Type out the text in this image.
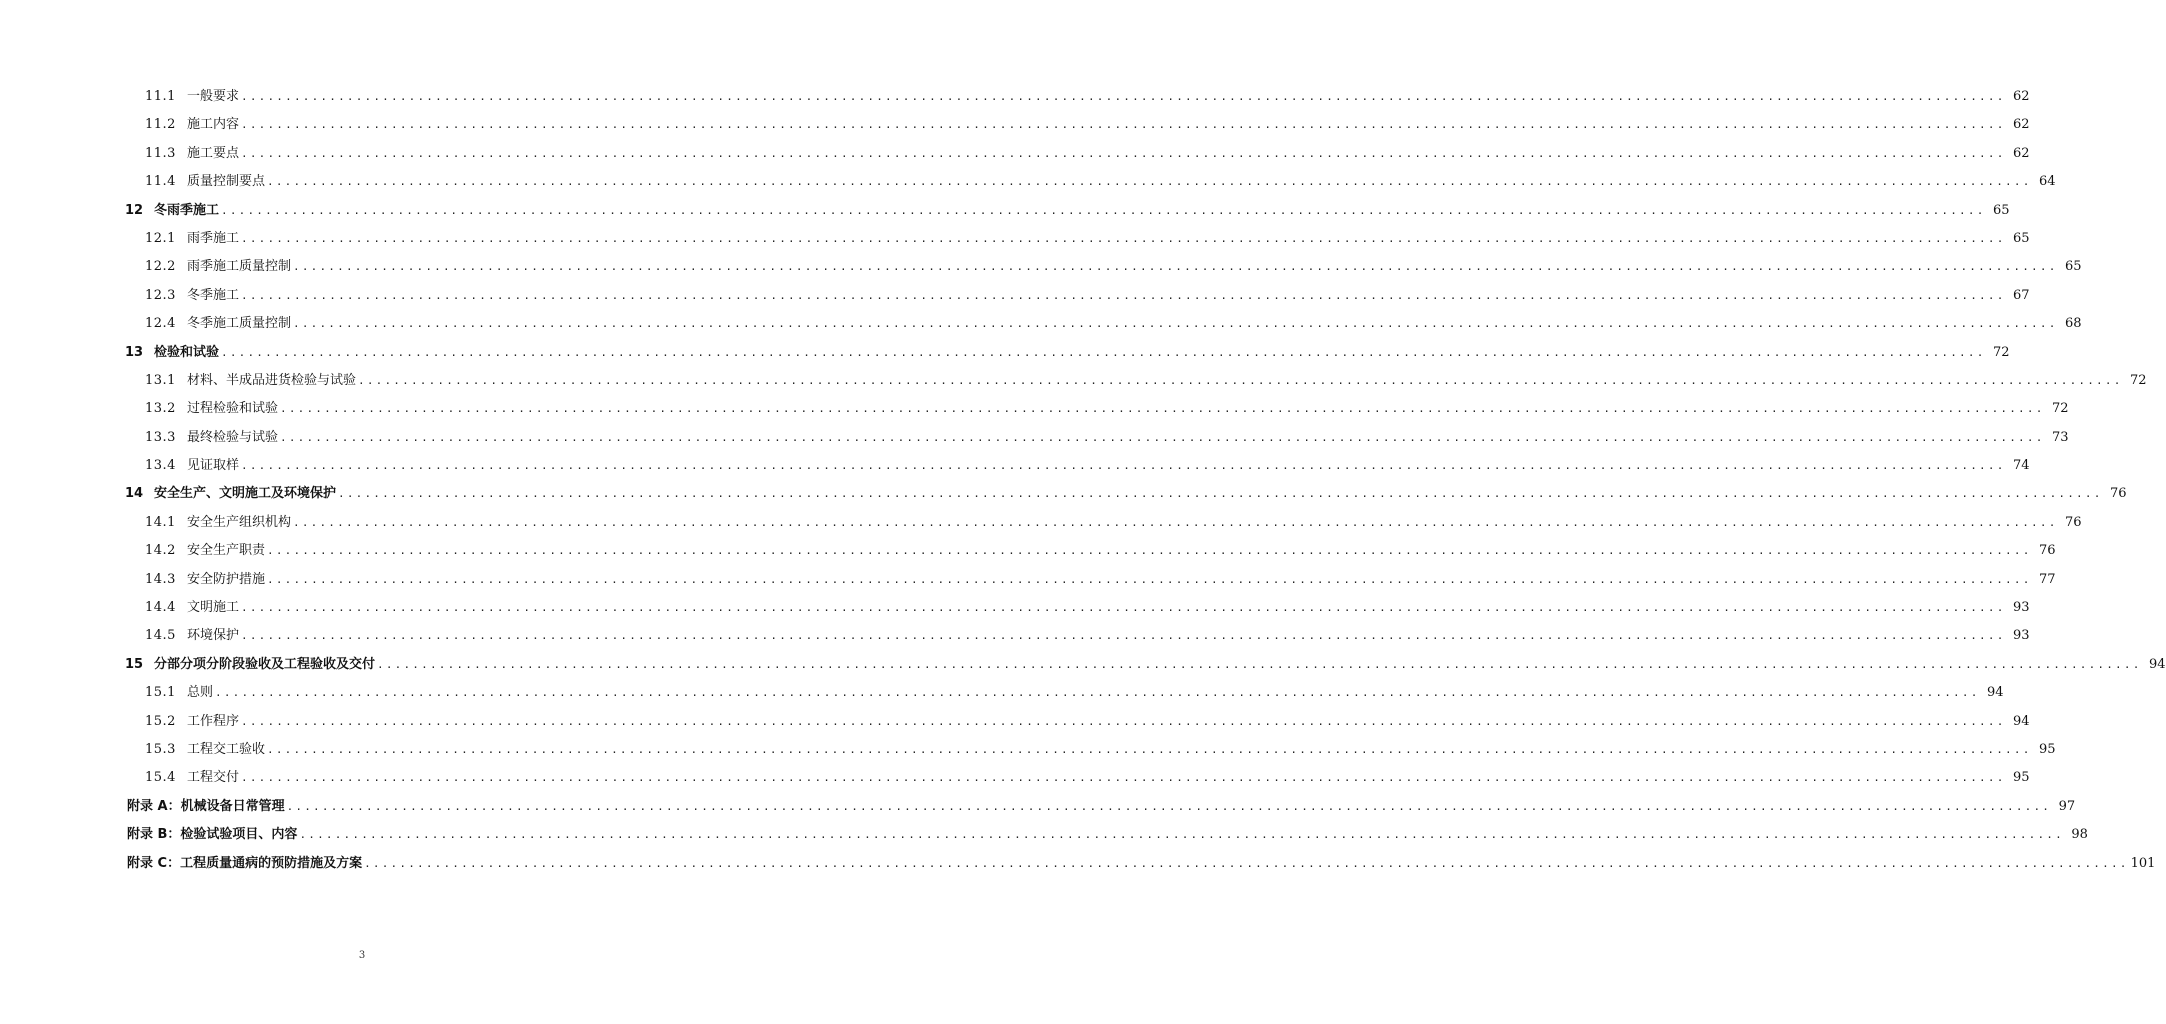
11.1 一般要求 ........................................................................................................................................................................................................ 62
11.2 施工内容 ........................................................................................................................................................................................................ 62
11.3 施工要点 ........................................................................................................................................................................................................ 62
11.4 质量控制要点 ........................................................................................................................................................................................................ 64
12 冬雨季施工 ........................................................................................................................................................................................................ 65
12.1 雨季施工 ........................................................................................................................................................................................................ 65
12.2 雨季施工质量控制 ........................................................................................................................................................................................................ 65
12.3 冬季施工 ........................................................................................................................................................................................................ 67
12.4 冬季施工质量控制 ........................................................................................................................................................................................................ 68
13 检验和试验 ........................................................................................................................................................................................................ 72
13.1 材料、半成品进货检验与试验 ........................................................................................................................................................................................................ 72
13.2 过程检验和试验 ........................................................................................................................................................................................................ 72
13.3 最终检验与试验 ........................................................................................................................................................................................................ 73
13.4 见证取样 ........................................................................................................................................................................................................ 74
14 安全生产、文明施工及环境保护 ........................................................................................................................................................................................................ 76
14.1 安全生产组织机构 ........................................................................................................................................................................................................ 76
14.2 安全生产职责 ........................................................................................................................................................................................................ 76
14.3 安全防护措施 ........................................................................................................................................................................................................ 77
14.4 文明施工 ........................................................................................................................................................................................................ 93
14.5 环境保护 ........................................................................................................................................................................................................ 93
15 分部分项分阶段验收及工程验收及交付 ........................................................................................................................................................................................................ 94
15.1 总则 ........................................................................................................................................................................................................ 94
15.2 工作程序 ........................................................................................................................................................................................................ 94
15.3 工程交工验收 ........................................................................................................................................................................................................ 95
15.4 工程交付 ........................................................................................................................................................................................................ 95
附录 A：机械设备日常管理 ........................................................................................................................................................................................................ 97
附录 B：检验试验项目、内容 ........................................................................................................................................................................................................ 98
附录 C：工程质量通病的预防措施及方案 ........................................................................................................................................................................................................ 101
3
